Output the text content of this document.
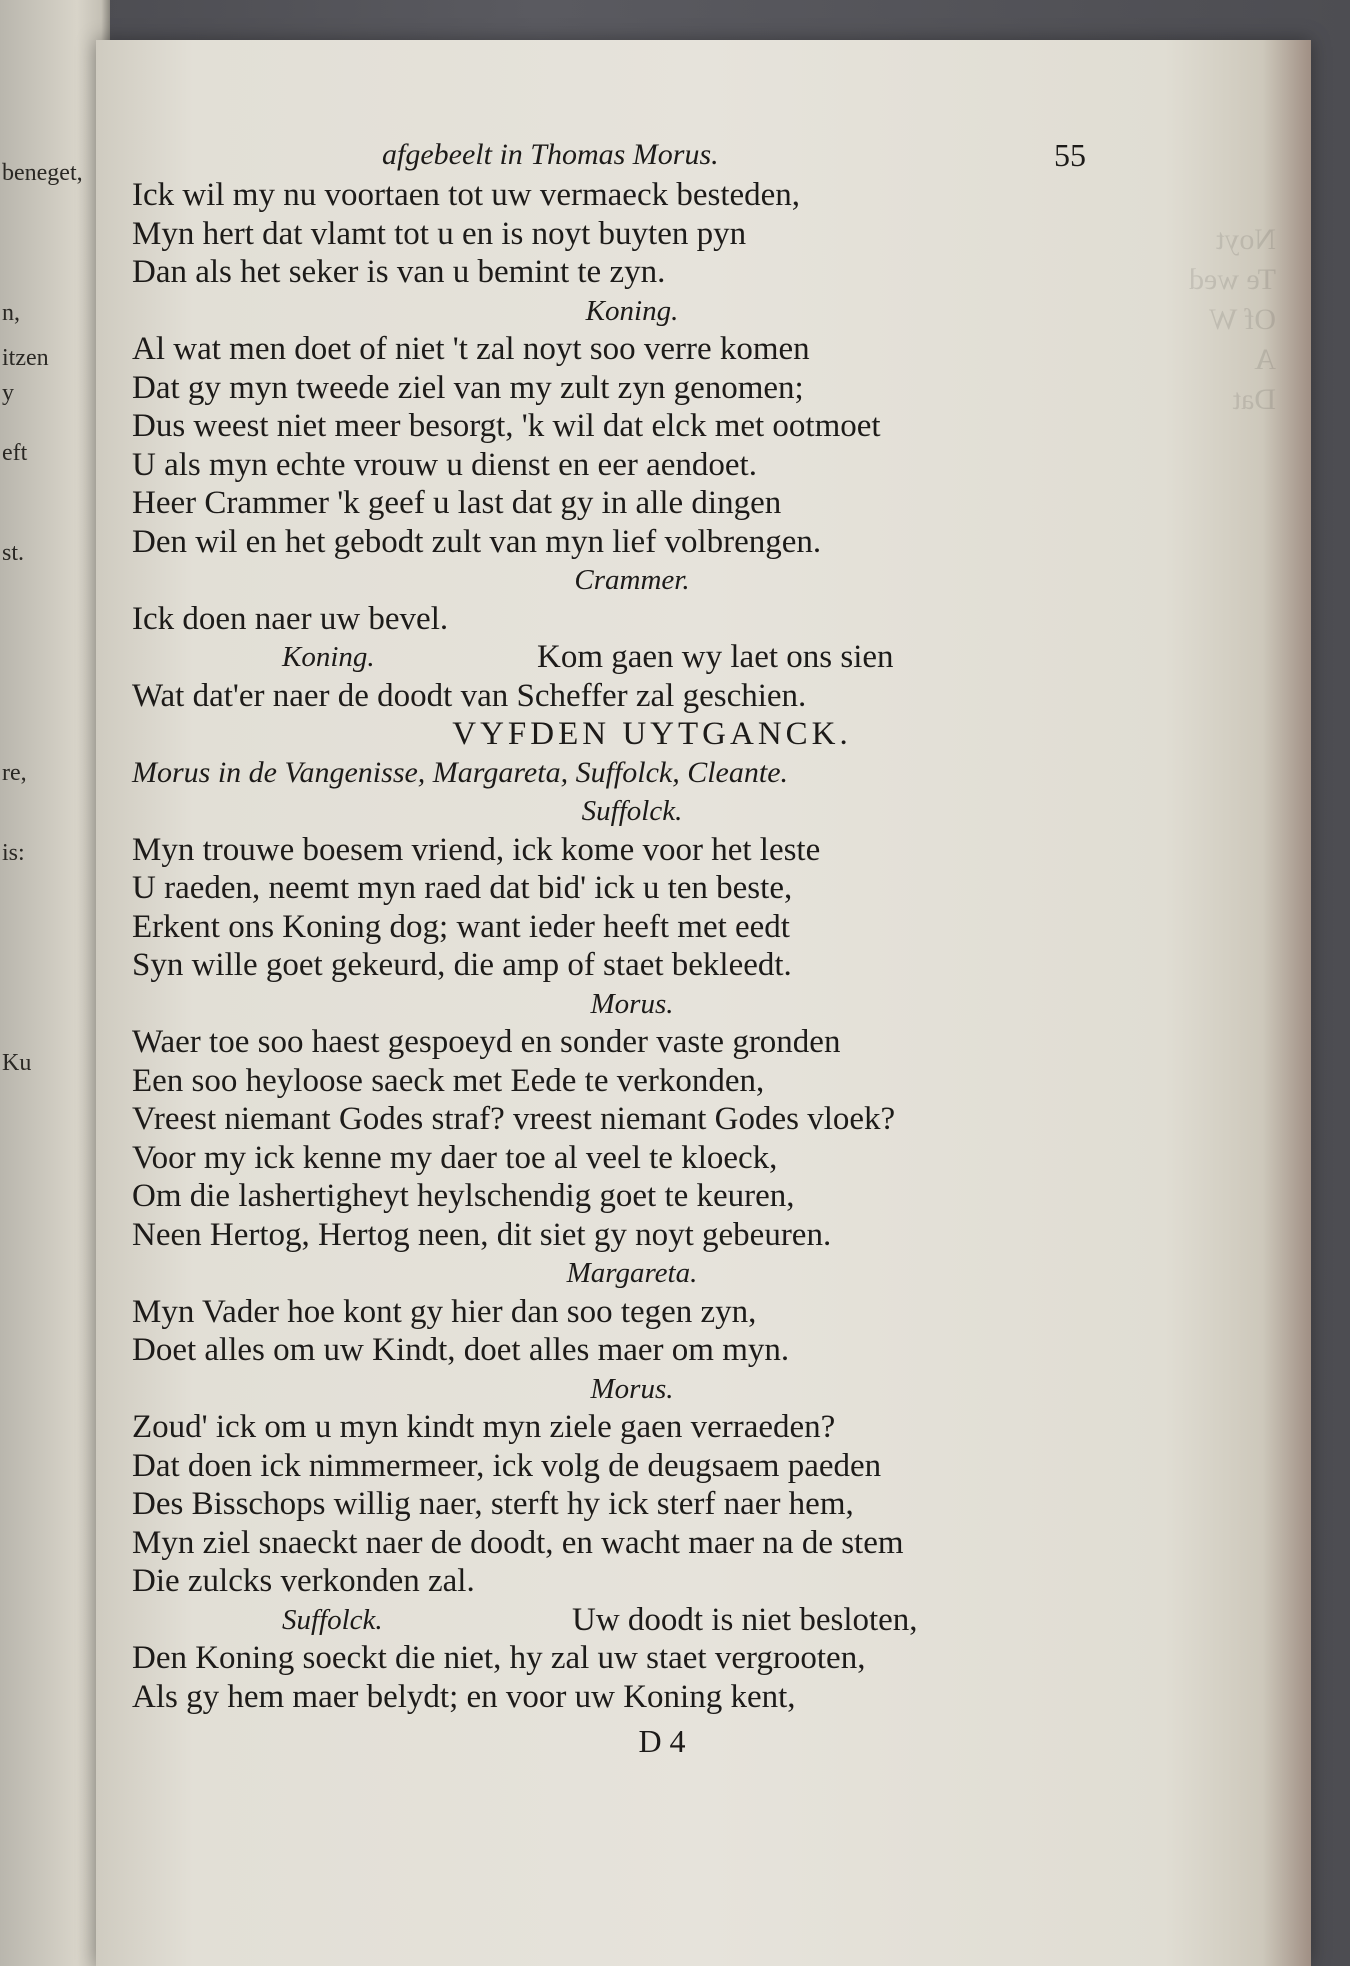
beneget,
n,
itzen
y
eft
st.
re,
is:
Ku
Noyt
Te wed
Of W
A
Dat
afgebeelt in Thomas Morus.	55
Ick wil my nu voortaen tot uw vermaeck besteden,
Myn hert dat vlamt tot u en is noyt buyten pyn
Dan als het seker is van u bemint te zyn.
Koning.
Al wat men doet of niet 't zal noyt soo verre komen
Dat gy myn tweede ziel van my zult zyn genomen;
Dus weest niet meer besorgt, 'k wil dat elck met ootmoet
U als myn echte vrouw u dienst en eer aendoet.
Heer Crammer 'k geef u last dat gy in alle dingen
Den wil en het gebodt zult van myn lief volbrengen.
Crammer.
Ick doen naer uw bevel.
Koning.	Kom gaen wy laet ons sien
Wat dat'er naer de doodt van Scheffer zal geschien.
VYFDEN UYTGANCK.
Morus in de Vangenisse, Margareta, Suffolck, Cleante.
Suffolck.
Myn trouwe boesem vriend, ick kome voor het leste
U raeden, neemt myn raed dat bid' ick u ten beste,
Erkent ons Koning dog; want ieder heeft met eedt
Syn wille goet gekeurd, die amp of staet bekleedt.
Morus.
Waer toe soo haest gespoeyd en sonder vaste gronden
Een soo heyloose saeck met Eede te verkonden,
Vreest niemant Godes straf? vreest niemant Godes vloek?
Voor my ick kenne my daer toe al veel te kloeck,
Om die lashertigheyt heylschendig goet te keuren,
Neen Hertog, Hertog neen, dit siet gy noyt gebeuren.
Margareta.
Myn Vader hoe kont gy hier dan soo tegen zyn,
Doet alles om uw Kindt, doet alles maer om myn.
Morus.
Zoud' ick om u myn kindt myn ziele gaen verraeden?
Dat doen ick nimmermeer, ick volg de deugsaem paeden
Des Bisschops willig naer, sterft hy ick sterf naer hem,
Myn ziel snaeckt naer de doodt, en wacht maer na de stem
Die zulcks verkonden zal.
Suffolck.	Uw doodt is niet besloten,
Den Koning soeckt die niet, hy zal uw staet vergrooten,
Als gy hem maer belydt; en voor uw Koning kent,
D 4
